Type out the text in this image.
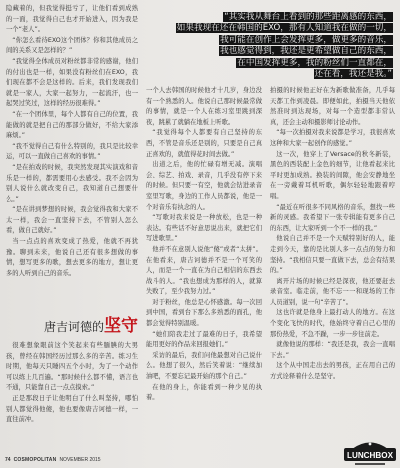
隐藏着的，但我觉得挺亏了，让他们看到成熟的一面，我觉得自己也才开始进入，因为我是一个“老人”。

“你怎么看待EXO这个团体？你和其他成员之间的关系又是怎样的？”

“我觉得全体成员对粉丝都非常的感谢，他们的付出也是一样，如果没有粉丝们在EXO，我们现在都不会是这样的。后来，我们发现我们就是一家人，大家一起努力，一起流汗，也一起哭过笑过，这样的经历很难得。”

“在一个团体里，每个人都有自己的位置，我能做的就是把自己的那部分做好，不给大家添麻烦。”

“我不觉得自己有什么特别的，我只是比较幸运，可以一直做自己喜欢的事情。”

“是在拍戏的时候，我突然发现其实演戏和音乐是一样的，都需要用心去感受。我不会因为别人说什么就改变自己，我知道自己想要什么。”

“是在讲到梦想的时候，我会觉得我和大家不太一样，我会一直坚持下去，不管别人怎么看，做自己就好。”

当一点点的喜欢变成了热爱，他就不再犹豫。聊到未来，他说自己还有很多想做的事情，想写更多的歌，想去更多的地方，想让更多的人听到自己的音乐。

唐吉诃德的坚守

很难想象眼前这个笑起来有些腼腆的大男孩，曾经在韩国经历过那么多的辛苦。练习生时期，他每天只睡四五个小时，为了一个动作可以练上几百遍。“那时候什么都不懂，语言也不通，只能靠自己一点点摸索。”

正是那段日子让他明白了什么叫坚持，哪怕别人都觉得他傻，他也要像唐吉诃德一样，一直往前冲。

“其实我从舞台上看到的那些距离感的东西，
如果我现在还在韩国的EXO，那有人知道我在做的一切，
我可能在创作上会发挥更多，做更多的音乐，
我也感觉得到，我还是更希望做自己的东西，
在中国发挥更多，我的粉丝们一直都在，
还在看，我还是我。”

一个人去韩国的时候他才十几岁，身边没有一个熟悉的人。他说自己那时候最常做的事情，就是一个人在练习室里跳到深夜，跳累了就躺在地板上听歌。

“我觉得每个人都要有自己坚持的东西，不管是音乐还是别的，只要是自己真正喜欢的，就值得花时间去做。”

出道之后，他的忙碌有增无减。演唱会、综艺、拍戏、录音，几乎没有停下来的时候。但只要一有空，他就会钻进录音室里写歌，身边的工作人员都说，他是一个对音乐有执念的人。

“写歌对我来说是一种放松，也是一种表达。有些话不好意思说出来，就把它们写进歌里。”

他并不在意别人说他“傻”或者“太拼”。在他看来，唐吉诃德并不是一个可笑的人，而是一个一直在为自己相信的东西去战斗的人。“我也想成为那样的人，就算失败了，至少我努力过。”

对于粉丝，他总是心怀感激。每一次回到中国，看到台下那么多熟悉的面孔，他都会觉得特别温暖。

“她们陪我走过了最难的日子，我希望能用更好的作品来回报她们。”

采访的最后，我们问他最想对自己说什么。他想了很久，然后笑着说：“继续加油吧，不要忘记最开始的那个自己。”

在他的身上，你能看到一种少见的执着。

拍摄的时候他正好在为新歌做准备，几乎每天都工作到凌晨。即便如此，拍摄当天他依然准时到达现场，对每一个造型都非常认真，还会主动和摄影师讨论动作。

“每一次拍摄对我来说都是学习，我很喜欢这种和大家一起创作的感觉。”

这一次，他穿上了Versace的秋冬新装，黑色的西装配上金色的细节，让他看起来比平时更加成熟。换装的间隙，他会安静地坐在一旁戴着耳机听歌，偶尔轻轻地跟着哼唱。

“最近在听很多不同风格的音乐，想找一些新的灵感。我希望下一张专辑能有更多自己的东西，让大家听到一个不一样的我。”

他说自己并不是一个天赋特别好的人，能走到今天，靠的是比别人多一点点的努力和坚持。“我相信只要一直做下去，总会有结果的。”

离开片场的时候已经是深夜，他还要赶去录音室。临走前，他不忘一一和现场的工作人员道别，说一句“辛苦了”。

这也许就是他身上最打动人的地方。在这个变化飞快的时代，他始终守着自己心里的那份热爱，不急不躁，一步一步往前走。

就像他说的那样：“我还是我，我会一直唱下去。”

这个从中国走出去的男孩，正在用自己的方式诠释着什么是坚守。

74 COSMOPOLITAN NOVEMBER 2015
LUNCHBOX
